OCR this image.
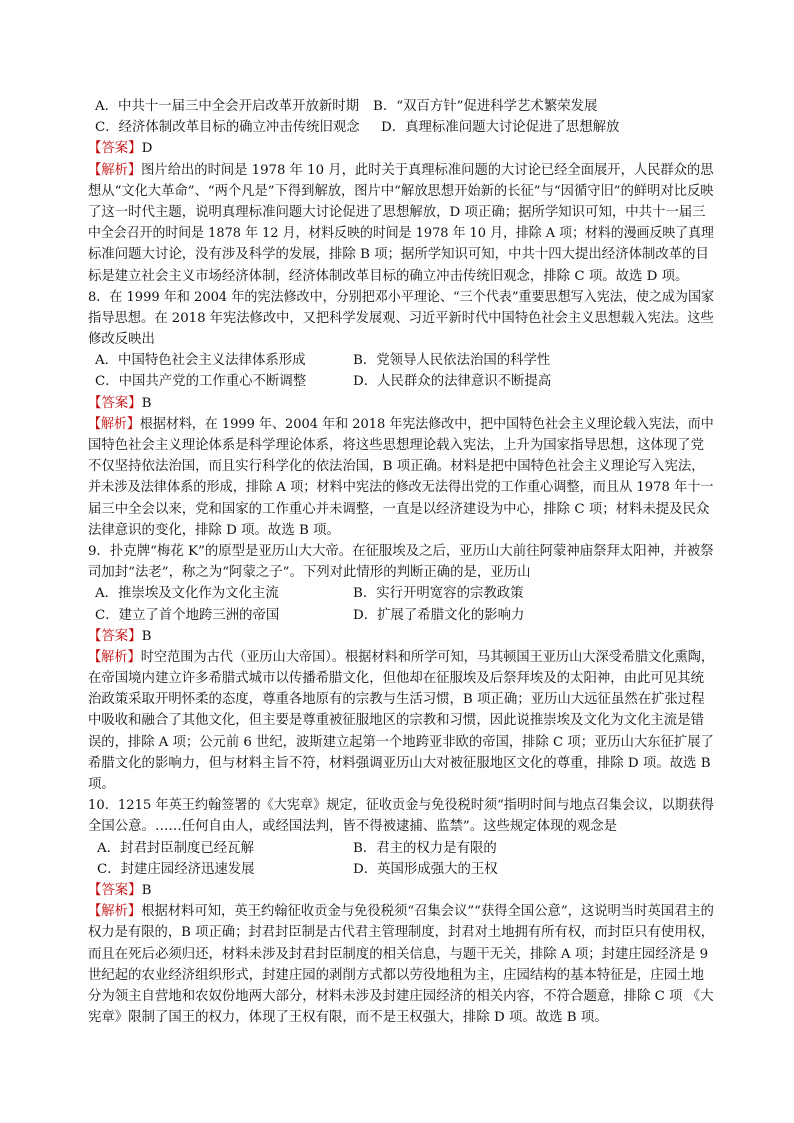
A．中共十一届三中全会开启改革开放新时期	B．“双百方针”促进科学艺术繁荣发展
C．经济体制改革目标的确立冲击传统旧观念	D．真理标准问题大讨论促进了思想解放
【答案】D
【解析】图片给出的时间是 1978 年 10 月，此时关于真理标准问题的大讨论已经全面展开，人民群众的思
想从“文化大革命”、“两个凡是”下得到解放，图片中“解放思想开始新的长征”与“因循守旧”的鲜明对比反映
了这一时代主题，说明真理标准问题大讨论促进了思想解放，D 项正确；据所学知识可知，中共十一届三
中全会召开的时间是 1878 年 12 月，材料反映的时间是 1978 年 10 月，排除 A 项；材料的漫画反映了真理
标准问题大讨论，没有涉及科学的发展，排除 B 项；据所学知识可知，中共十四大提出经济体制改革的目
标是建立社会主义市场经济体制，经济体制改革目标的确立冲击传统旧观念，排除 C 项。故选 D 项。
8．在 1999 年和 2004 年的宪法修改中，分别把邓小平理论、“三个代表”重要思想写入宪法，使之成为国家
指导思想。在 2018 年宪法修改中，又把科学发展观、习近平新时代中国特色社会主义思想载入宪法。这些
修改反映出
A．中国特色社会主义法律体系形成	B．党领导人民依法治国的科学性
C．中国共产党的工作重心不断调整	D．人民群众的法律意识不断提高
【答案】B
【解析】根据材料，在 1999 年、2004 年和 2018 年宪法修改中，把中国特色社会主义理论载入宪法，而中
国特色社会主义理论体系是科学理论体系，将这些思想理论载入宪法，上升为国家指导思想，这体现了党
不仅坚持依法治国，而且实行科学化的依法治国，B 项正确。材料是把中国特色社会主义理论写入宪法，
并未涉及法律体系的形成，排除 A 项；材料中宪法的修改无法得出党的工作重心调整，而且从 1978 年十一
届三中全会以来，党和国家的工作重心并未调整，一直是以经济建设为中心，排除 C 项；材料未提及民众
法律意识的变化，排除 D 项。故选 B 项。
9．扑克牌“梅花 K”的原型是亚历山大大帝。在征服埃及之后，亚历山大前往阿蒙神庙祭拜太阳神，并被祭
司加封“法老”，称之为“阿蒙之子”。下列对此情形的判断正确的是，亚历山
A．推崇埃及文化作为文化主流	B．实行开明宽容的宗教政策
C．建立了首个地跨三洲的帝国	D．扩展了希腊文化的影响力
【答案】B
【解析】时空范围为古代（亚历山大帝国）。根据材料和所学可知，马其顿国王亚历山大深受希腊文化熏陶，
在帝国境内建立许多希腊式城市以传播希腊文化，但他却在征服埃及后祭拜埃及的太阳神，由此可见其统
治政策采取开明怀柔的态度，尊重各地原有的宗教与生活习惯，B 项正确；亚历山大远征虽然在扩张过程
中吸收和融合了其他文化，但主要是尊重被征服地区的宗教和习惯，因此说推崇埃及文化为文化主流是错
误的，排除 A 项；公元前 6 世纪，波斯建立起第一个地跨亚非欧的帝国，排除 C 项；亚历山大东征扩展了
希腊文化的影响力，但与材料主旨不符，材料强调亚历山大对被征服地区文化的尊重，排除 D 项。故选 B
项。
10．1215 年英王约翰签署的《大宪章》规定，征收贡金与免役税时须“指明时间与地点召集会议，以期获得
全国公意。……任何自由人，或经国法判，皆不得被逮捕、监禁”。这些规定体现的观念是
A．封君封臣制度已经瓦解	B．君主的权力是有限的
C．封建庄园经济迅速发展	D．英国形成强大的王权
【答案】B
【解析】根据材料可知，英王约翰征收贡金与免役税须“召集会议”“获得全国公意”，这说明当时英国君主的
权力是有限的，B 项正确；封君封臣制是古代君主管理制度，封君对土地拥有所有权，而封臣只有使用权，
而且在死后必须归还，材料未涉及封君封臣制度的相关信息，与题干无关，排除 A 项；封建庄园经济是 9
世纪起的农业经济组织形式，封建庄园的剥削方式都以劳役地租为主，庄园结构的基本特征是，庄园土地
分为领主自营地和农奴份地两大部分，材料未涉及封建庄园经济的相关内容，不符合题意，排除 C 项 《大
宪章》限制了国王的权力，体现了王权有限，而不是王权强大，排除 D 项。故选 B 项。
